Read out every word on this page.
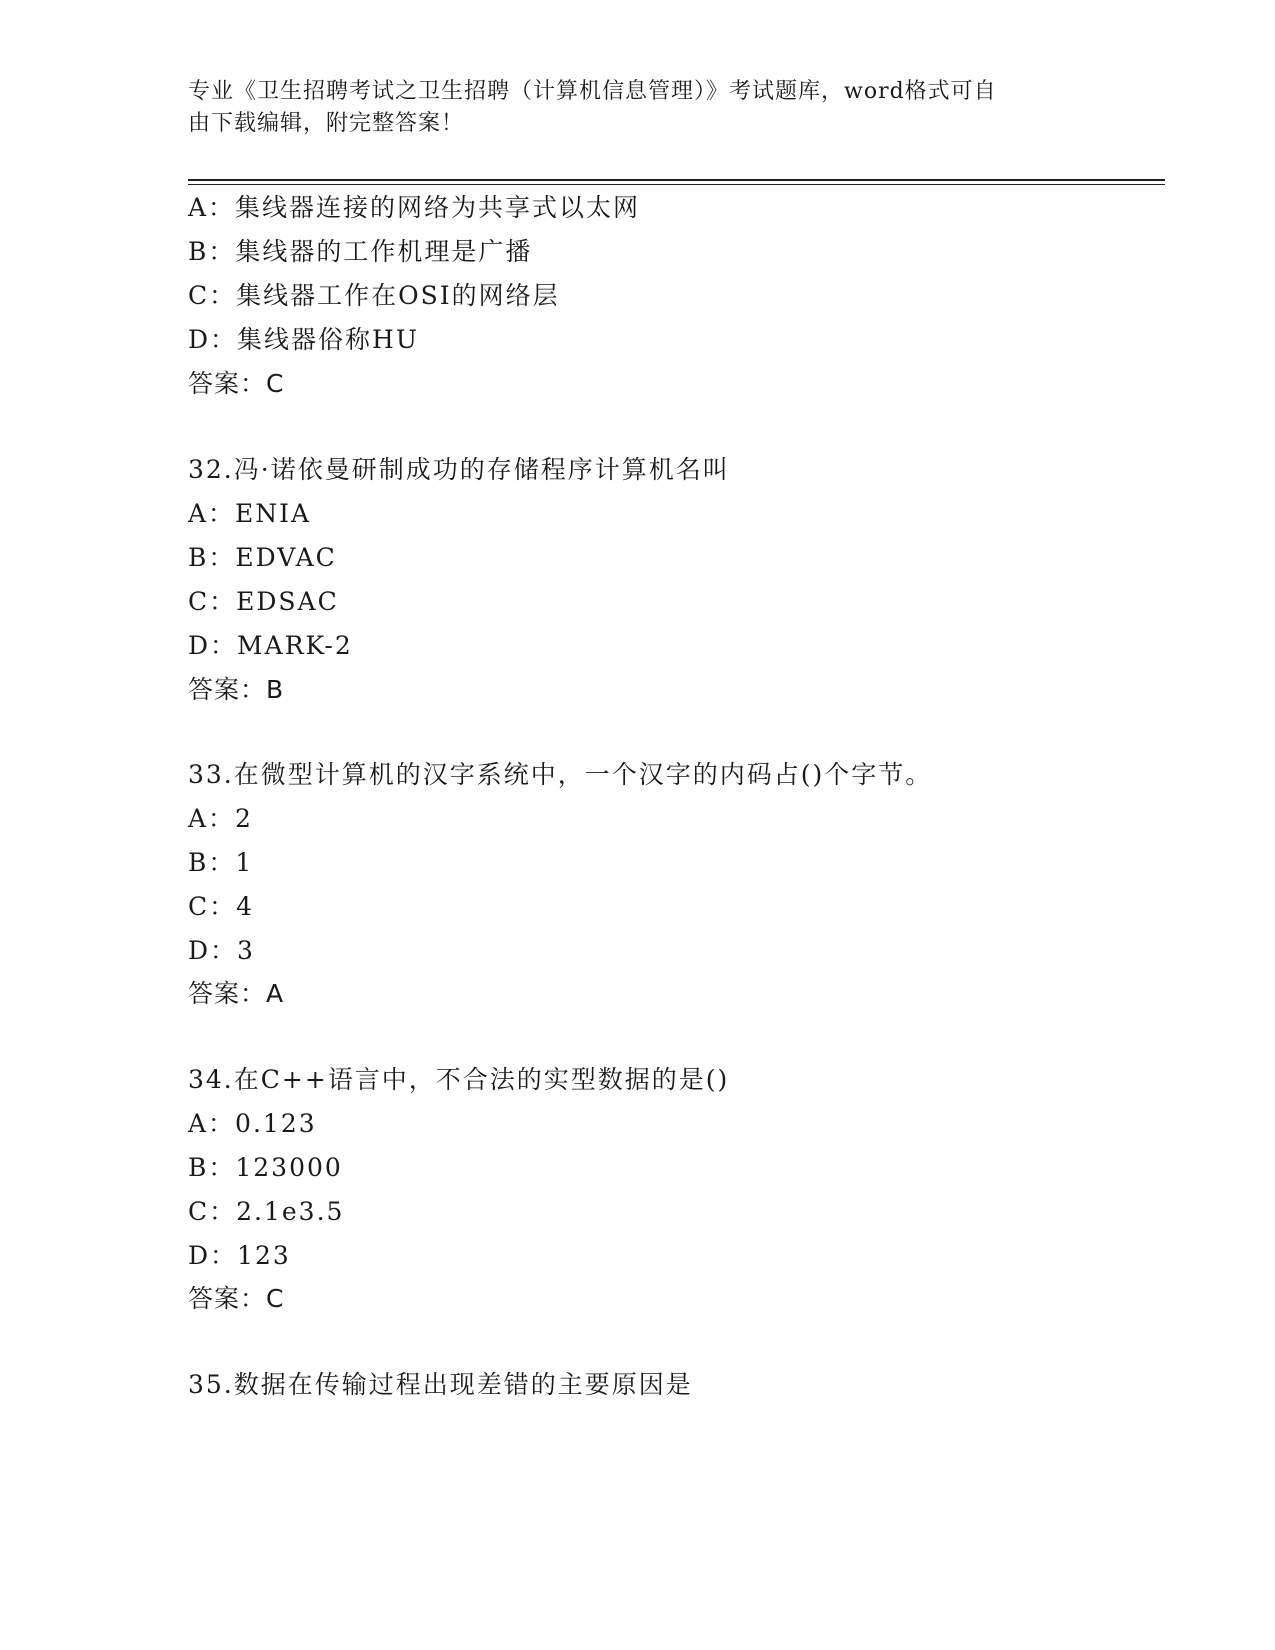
专业《卫生招聘考试之卫生招聘（计算机信息管理）》考试题库，word格式可自
由下载编辑，附完整答案！
A：集线器连接的网络为共享式以太网
B：集线器的工作机理是广播
C：集线器工作在OSI的网络层
D：集线器俗称HU
答案：C
32.冯·诺依曼研制成功的存储程序计算机名叫
A：ENIA
B：EDVAC
C：EDSAC
D：MARK-2
答案：B
33.在微型计算机的汉字系统中，一个汉字的内码占()个字节。
A：2
B：1
C：4
D：3
答案：A
34.在C++语言中，不合法的实型数据的是()
A：0.123
B：123000
C：2.1e3.5
D：123
答案：C
35.数据在传输过程出现差错的主要原因是
